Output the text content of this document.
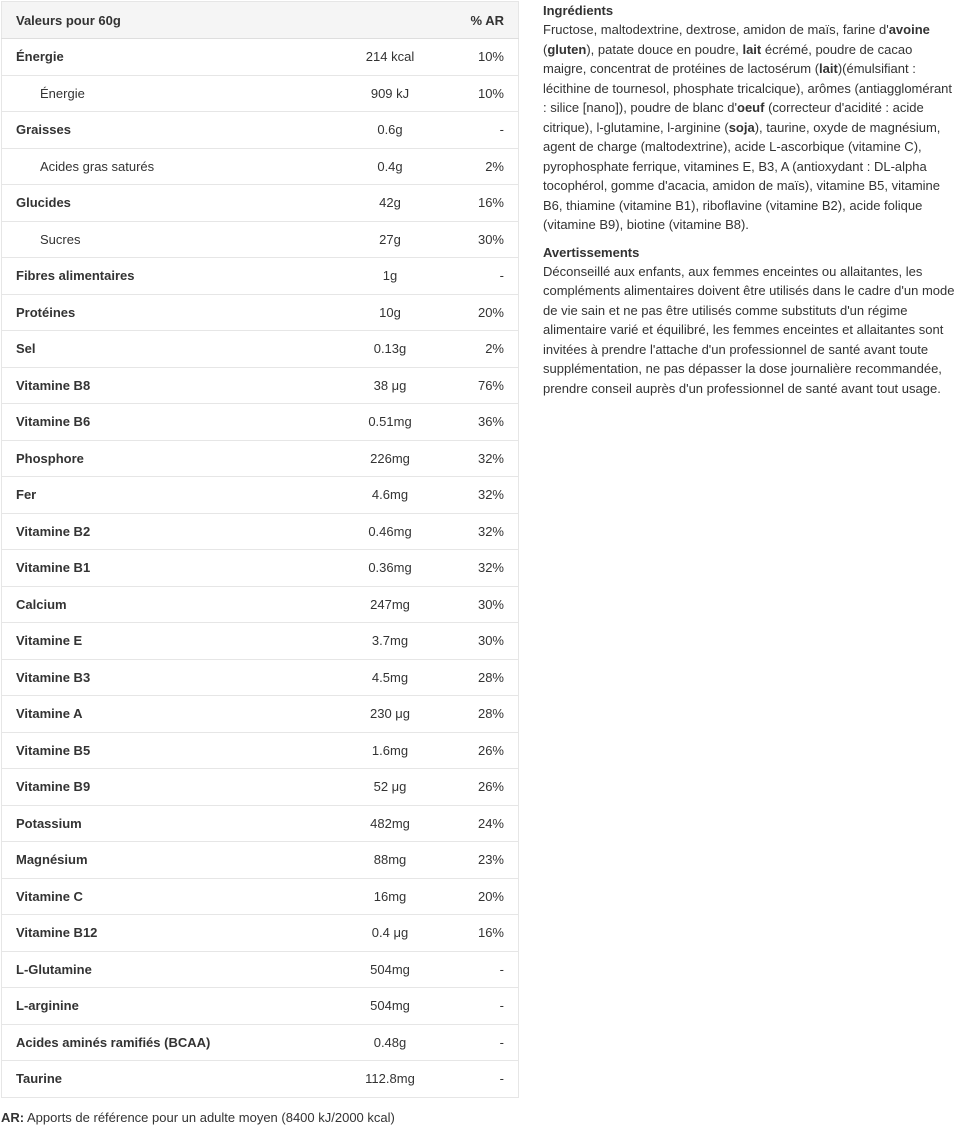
Valeurs pour 60g		% AR
Énergie	214 kcal	10%
Énergie	909 kJ	10%
Graisses	0.6g	-
Acides gras saturés	0.4g	2%
Glucides	42g	16%
Sucres	27g	30%
Fibres alimentaires	1g	-
Protéines	10g	20%
Sel	0.13g	2%
Vitamine B8	38 μg	76%
Vitamine B6	0.51mg	36%
Phosphore	226mg	32%
Fer	4.6mg	32%
Vitamine B2	0.46mg	32%
Vitamine B1	0.36mg	32%
Calcium	247mg	30%
Vitamine E	3.7mg	30%
Vitamine B3	4.5mg	28%
Vitamine A	230 μg	28%
Vitamine B5	1.6mg	26%
Vitamine B9	52 μg	26%
Potassium	482mg	24%
Magnésium	88mg	23%
Vitamine C	16mg	20%
Vitamine B12	0.4 μg	16%
L-Glutamine	504mg	-
L-arginine	504mg	-
Acides aminés ramifiés (BCAA)	0.48g	-
Taurine	112.8mg	-
AR: Apports de référence pour un adulte moyen (8400 kJ/2000 kcal)
Ingrédients

Fructose, maltodextrine, dextrose, amidon de maïs, farine d'avoine (gluten), patate douce en poudre, lait écrémé, poudre de cacao maigre, concentrat de protéines de lactosérum (lait)(émulsifiant : lécithine de tournesol, phosphate tricalcique), arômes (antiagglomérant : silice [nano]), poudre de blanc d'oeuf (correcteur d'acidité : acide citrique), l-glutamine, l-arginine (soja), taurine, oxyde de magnésium, agent de charge (maltodextrine), acide L-ascorbique (vitamine C), pyrophosphate ferrique, vitamines E, B3, A (antioxydant : DL-alpha tocophérol, gomme d'acacia, amidon de maïs), vitamine B5, vitamine B6, thiamine (vitamine B1), riboflavine (vitamine B2), acide folique (vitamine B9), biotine (vitamine B8).

Avertissements

Déconseillé aux enfants, aux femmes enceintes ou allaitantes, les compléments alimentaires doivent être utilisés dans le cadre d'un mode de vie sain et ne pas être utilisés comme substituts d'un régime alimentaire varié et équilibré, les femmes enceintes et allaitantes sont invitées à prendre l'attache d'un professionnel de santé avant toute supplémentation, ne pas dépasser la dose journalière recommandée, prendre conseil auprès d'un professionnel de santé avant tout usage.
